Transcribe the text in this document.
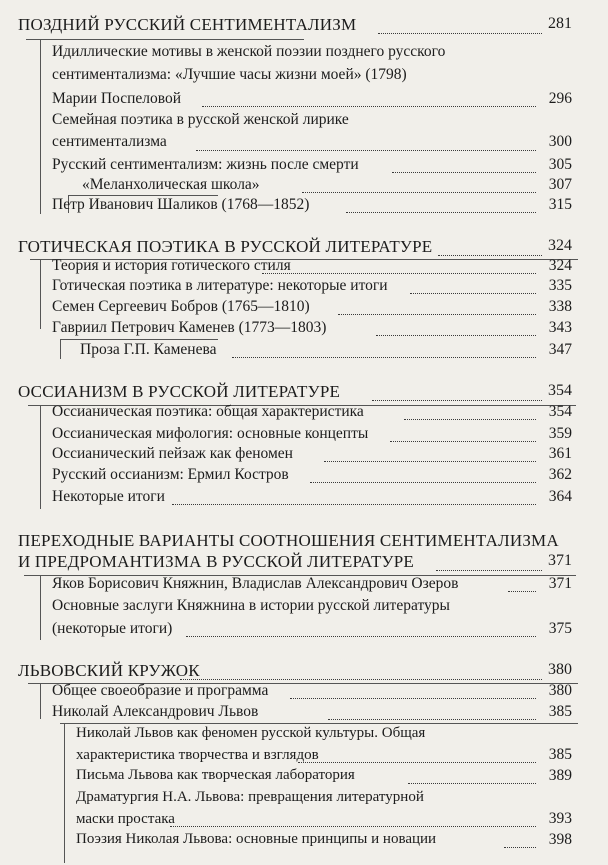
ПОЗДНИЙ РУССКИЙ СЕНТИМЕНТАЛИЗМ	281
Идиллические мотивы в женской поэзии позднего русского
сентиментализма: «Лучшие часы жизни моей» (1798)
Марии Поспеловой	296
Семейная поэтика в русской женской лирике
сентиментализма	300
Русский сентиментализм: жизнь после смерти	305
«Меланхолическая школа»	307
Петр Иванович Шаликов (1768—1852)	315
ГОТИЧЕСКАЯ ПОЭТИКА В РУССКОЙ ЛИТЕРАТУРЕ	324
Теория и история готического стиля	324
Готическая поэтика в литературе: некоторые итоги	335
Семен Сергеевич Бобров (1765—1810)	338
Гавриил Петрович Каменев (1773—1803)	343
Проза Г.П. Каменева	347
ОССИАНИЗМ В РУССКОЙ ЛИТЕРАТУРЕ	354
Оссианическая поэтика: общая характеристика	354
Оссианическая мифология: основные концепты	359
Оссианический пейзаж как феномен	361
Русский оссианизм: Ермил Костров	362
Некоторые итоги	364
ПЕРЕХОДНЫЕ ВАРИАНТЫ СООТНОШЕНИЯ СЕНТИМЕНТАЛИЗМА
И ПРЕДРОМАНТИЗМА В РУССКОЙ ЛИТЕРАТУРЕ	371
Яков Борисович Княжнин, Владислав Александрович Озеров	371
Основные заслуги Княжнина в истории русской литературы
(некоторые итоги)	375
ЛЬВОВСКИЙ КРУЖОК	380
Общее своеобразие и программа	380
Николай Александрович Львов	385
Николай Львов как феномен русской культуры. Общая
характеристика творчества и взглядов	385
Письма Львова как творческая лаборатория	389
Драматургия Н.А. Львова: превращения литературной
маски простака	393
Поэзия Николая Львова: основные принципы и новации	398
